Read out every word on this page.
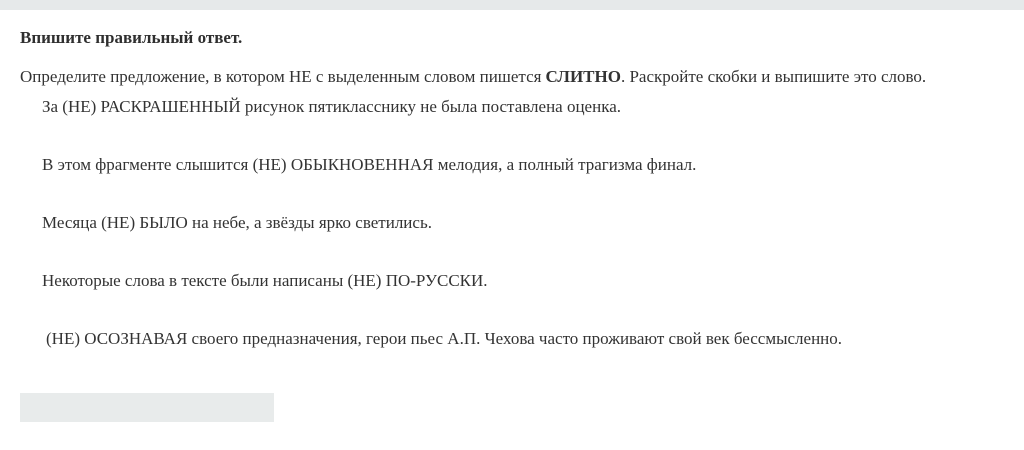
Впишите правильный ответ.
Определите предложение, в котором НЕ с выделенным словом пишется СЛИТНО. Раскройте скобки и выпишите это слово.
За (НЕ) РАСКРАШЕННЫЙ рисунок пятикласснику не была поставлена оценка.
В этом фрагменте слышится (НЕ) ОБЫКНОВЕННАЯ мелодия, а полный трагизма финал.
Месяца (НЕ) БЫЛО на небе, а звёзды ярко светились.
Некоторые слова в тексте были написаны (НЕ) ПО-РУССКИ.
(НЕ) ОСОЗНАВАЯ своего предназначения, герои пьес А.П. Чехова часто проживают свой век бессмысленно.
